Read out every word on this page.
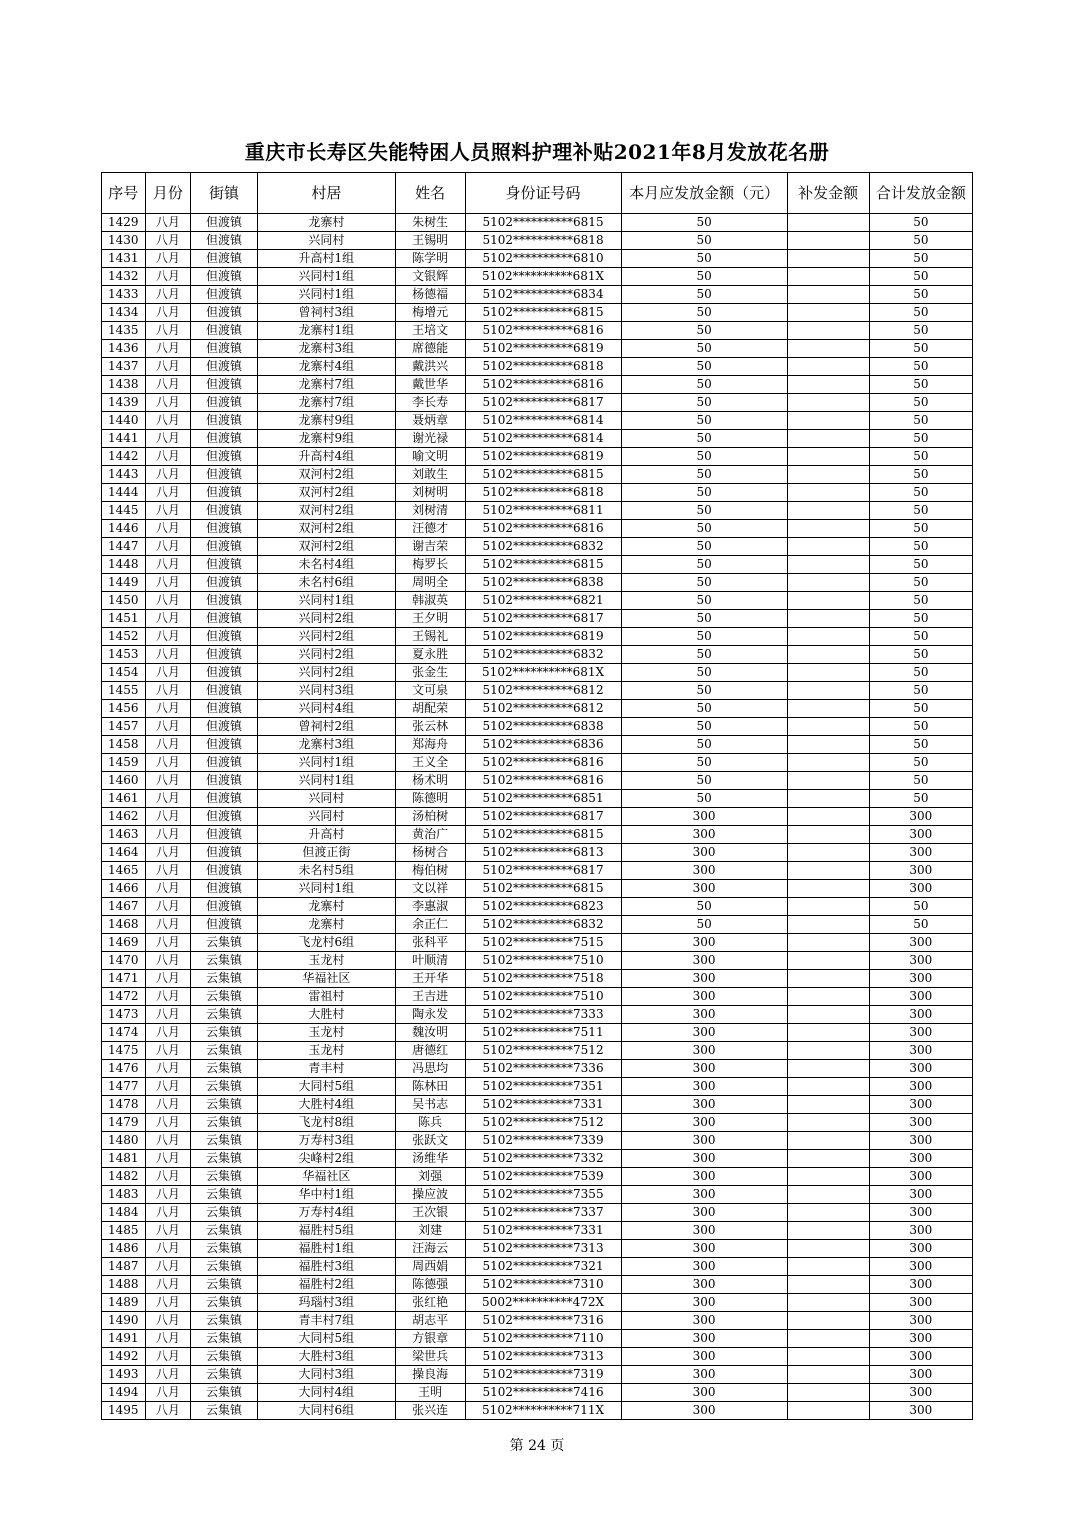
重庆市长寿区失能特困人员照料护理补贴2021年8月发放花名册
序号	月份	街镇	村居	姓名	身份证号码	本月应发放金额（元）	补发金额	合计发放金额
1429	八月	但渡镇	龙寨村	朱树生	5102**********6815	50		50
1430	八月	但渡镇	兴同村	王锡明	5102**********6818	50		50
1431	八月	但渡镇	升高村1组	陈学明	5102**********6810	50		50
1432	八月	但渡镇	兴同村1组	文银辉	5102**********681X	50		50
1433	八月	但渡镇	兴同村1组	杨德福	5102**********6834	50		50
1434	八月	但渡镇	曾祠村3组	梅增元	5102**********6815	50		50
1435	八月	但渡镇	龙寨村1组	王培文	5102**********6816	50		50
1436	八月	但渡镇	龙寨村3组	席德能	5102**********6819	50		50
1437	八月	但渡镇	龙寨村4组	戴洪兴	5102**********6818	50		50
1438	八月	但渡镇	龙寨村7组	戴世华	5102**********6816	50		50
1439	八月	但渡镇	龙寨村7组	李长寿	5102**********6817	50		50
1440	八月	但渡镇	龙寨村9组	聂炳章	5102**********6814	50		50
1441	八月	但渡镇	龙寨村9组	谢光禄	5102**********6814	50		50
1442	八月	但渡镇	升高村4组	喻文明	5102**********6819	50		50
1443	八月	但渡镇	双河村2组	刘敢生	5102**********6815	50		50
1444	八月	但渡镇	双河村2组	刘树明	5102**********6818	50		50
1445	八月	但渡镇	双河村2组	刘树清	5102**********6811	50		50
1446	八月	但渡镇	双河村2组	汪德才	5102**********6816	50		50
1447	八月	但渡镇	双河村2组	谢吉荣	5102**********6832	50		50
1448	八月	但渡镇	未名村4组	梅罗长	5102**********6815	50		50
1449	八月	但渡镇	未名村6组	周明全	5102**********6838	50		50
1450	八月	但渡镇	兴同村1组	韩淑英	5102**********6821	50		50
1451	八月	但渡镇	兴同村2组	王夕明	5102**********6817	50		50
1452	八月	但渡镇	兴同村2组	王锡礼	5102**********6819	50		50
1453	八月	但渡镇	兴同村2组	夏永胜	5102**********6832	50		50
1454	八月	但渡镇	兴同村2组	张金生	5102**********681X	50		50
1455	八月	但渡镇	兴同村3组	文可泉	5102**********6812	50		50
1456	八月	但渡镇	兴同村4组	胡配荣	5102**********6812	50		50
1457	八月	但渡镇	曾祠村2组	张云林	5102**********6838	50		50
1458	八月	但渡镇	龙寨村3组	郑海舟	5102**********6836	50		50
1459	八月	但渡镇	兴同村1组	王义全	5102**********6816	50		50
1460	八月	但渡镇	兴同村1组	杨术明	5102**********6816	50		50
1461	八月	但渡镇	兴同村	陈德明	5102**********6851	50		50
1462	八月	但渡镇	兴同村	汤柏树	5102**********6817	300		300
1463	八月	但渡镇	升高村	黄治广	5102**********6815	300		300
1464	八月	但渡镇	但渡正街	杨树合	5102**********6813	300		300
1465	八月	但渡镇	未名村5组	梅伯树	5102**********6817	300		300
1466	八月	但渡镇	兴同村1组	文以祥	5102**********6815	300		300
1467	八月	但渡镇	龙寨村	李惠淑	5102**********6823	50		50
1468	八月	但渡镇	龙寨村	余正仁	5102**********6832	50		50
1469	八月	云集镇	飞龙村6组	张科平	5102**********7515	300		300
1470	八月	云集镇	玉龙村	叶顺清	5102**********7510	300		300
1471	八月	云集镇	华福社区	王开华	5102**********7518	300		300
1472	八月	云集镇	雷祖村	王吉进	5102**********7510	300		300
1473	八月	云集镇	大胜村	陶永发	5102**********7333	300		300
1474	八月	云集镇	玉龙村	魏汝明	5102**********7511	300		300
1475	八月	云集镇	玉龙村	唐德红	5102**********7512	300		300
1476	八月	云集镇	青丰村	冯思均	5102**********7336	300		300
1477	八月	云集镇	大同村5组	陈林田	5102**********7351	300		300
1478	八月	云集镇	大胜村4组	吴书志	5102**********7331	300		300
1479	八月	云集镇	飞龙村8组	陈兵	5102**********7512	300		300
1480	八月	云集镇	万寿村3组	张跃文	5102**********7339	300		300
1481	八月	云集镇	尖峰村2组	汤维华	5102**********7332	300		300
1482	八月	云集镇	华福社区	刘强	5102**********7539	300		300
1483	八月	云集镇	华中村1组	操应波	5102**********7355	300		300
1484	八月	云集镇	万寿村4组	王次银	5102**********7337	300		300
1485	八月	云集镇	福胜村5组	刘建	5102**********7331	300		300
1486	八月	云集镇	福胜村1组	汪海云	5102**********7313	300		300
1487	八月	云集镇	福胜村3组	周西娟	5102**********7321	300		300
1488	八月	云集镇	福胜村2组	陈德强	5102**********7310	300		300
1489	八月	云集镇	玛瑙村3组	张红艳	5002**********472X	300		300
1490	八月	云集镇	青丰村7组	胡志平	5102**********7316	300		300
1491	八月	云集镇	大同村5组	方银章	5102**********7110	300		300
1492	八月	云集镇	大胜村3组	梁世兵	5102**********7313	300		300
1493	八月	云集镇	大同村3组	操良海	5102**********7319	300		300
1494	八月	云集镇	大同村4组	王明	5102**********7416	300		300
1495	八月	云集镇	大同村6组	张兴连	5102**********711X	300		300
第 24 页
